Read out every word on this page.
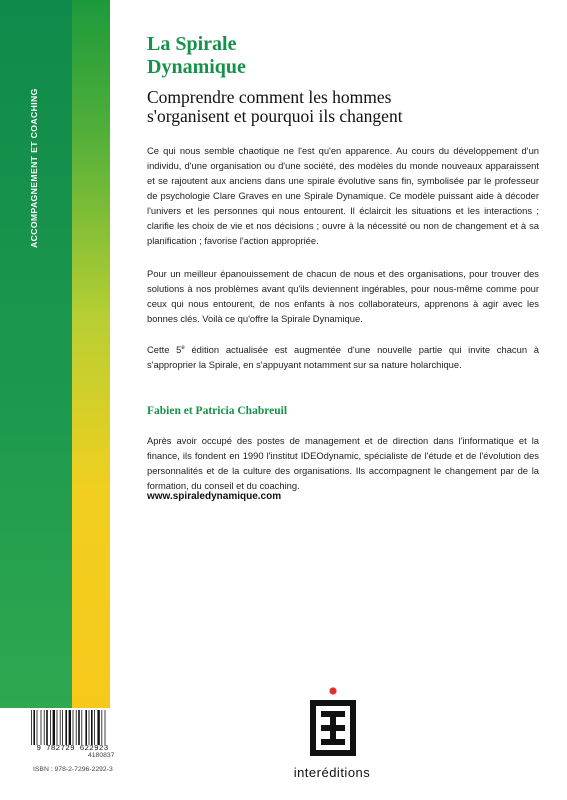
ACCOMPAGNEMENT ET COACHING
La Spirale
Dynamique
Comprendre comment les hommes
s'organisent et pourquoi ils changent
Ce qui nous semble chaotique ne l'est qu'en apparence. Au cours du développement d'un individu, d'une organisation ou d'une société, des modèles du monde nouveaux apparaissent et se rajoutent aux anciens dans une spirale évolutive sans fin, symbolisée par le professeur de psychologie Clare Graves en une Spirale Dynamique. Ce modèle puissant aide à décoder l'univers et les personnes qui nous entourent. Il éclaircit les situations et les interactions ; clarifie les choix de vie et nos décisions ; ouvre à la nécessité ou non de changement et à sa planification ; favorise l'action appropriée.
Pour un meilleur épanouissement de chacun de nous et des organisations, pour trouver des solutions à nos problèmes avant qu'ils deviennent ingérables, pour nous-même comme pour ceux qui nous entourent, de nos enfants à nos collaborateurs, apprenons à agir avec les bonnes clés. Voilà ce qu'offre la Spirale Dynamique.
Cette 5e édition actualisée est augmentée d'une nouvelle partie qui invite chacun à s'approprier la Spirale, en s'appuyant notamment sur sa nature holarchique.
Fabien et Patricia Chabreuil
Après avoir occupé des postes de management et de direction dans l'informatique et la finance, ils fondent en 1990 l'institut IDEOdynamic, spécialiste de l'étude et de l'évolution des personnalités et de la culture des organisations. Ils accompagnent le changement par de la formation, du conseil et du coaching.
www.spiraledynamique.com
9 782729 622923
4180837
ISBN : 978-2-7296-2292-3	interéditions
